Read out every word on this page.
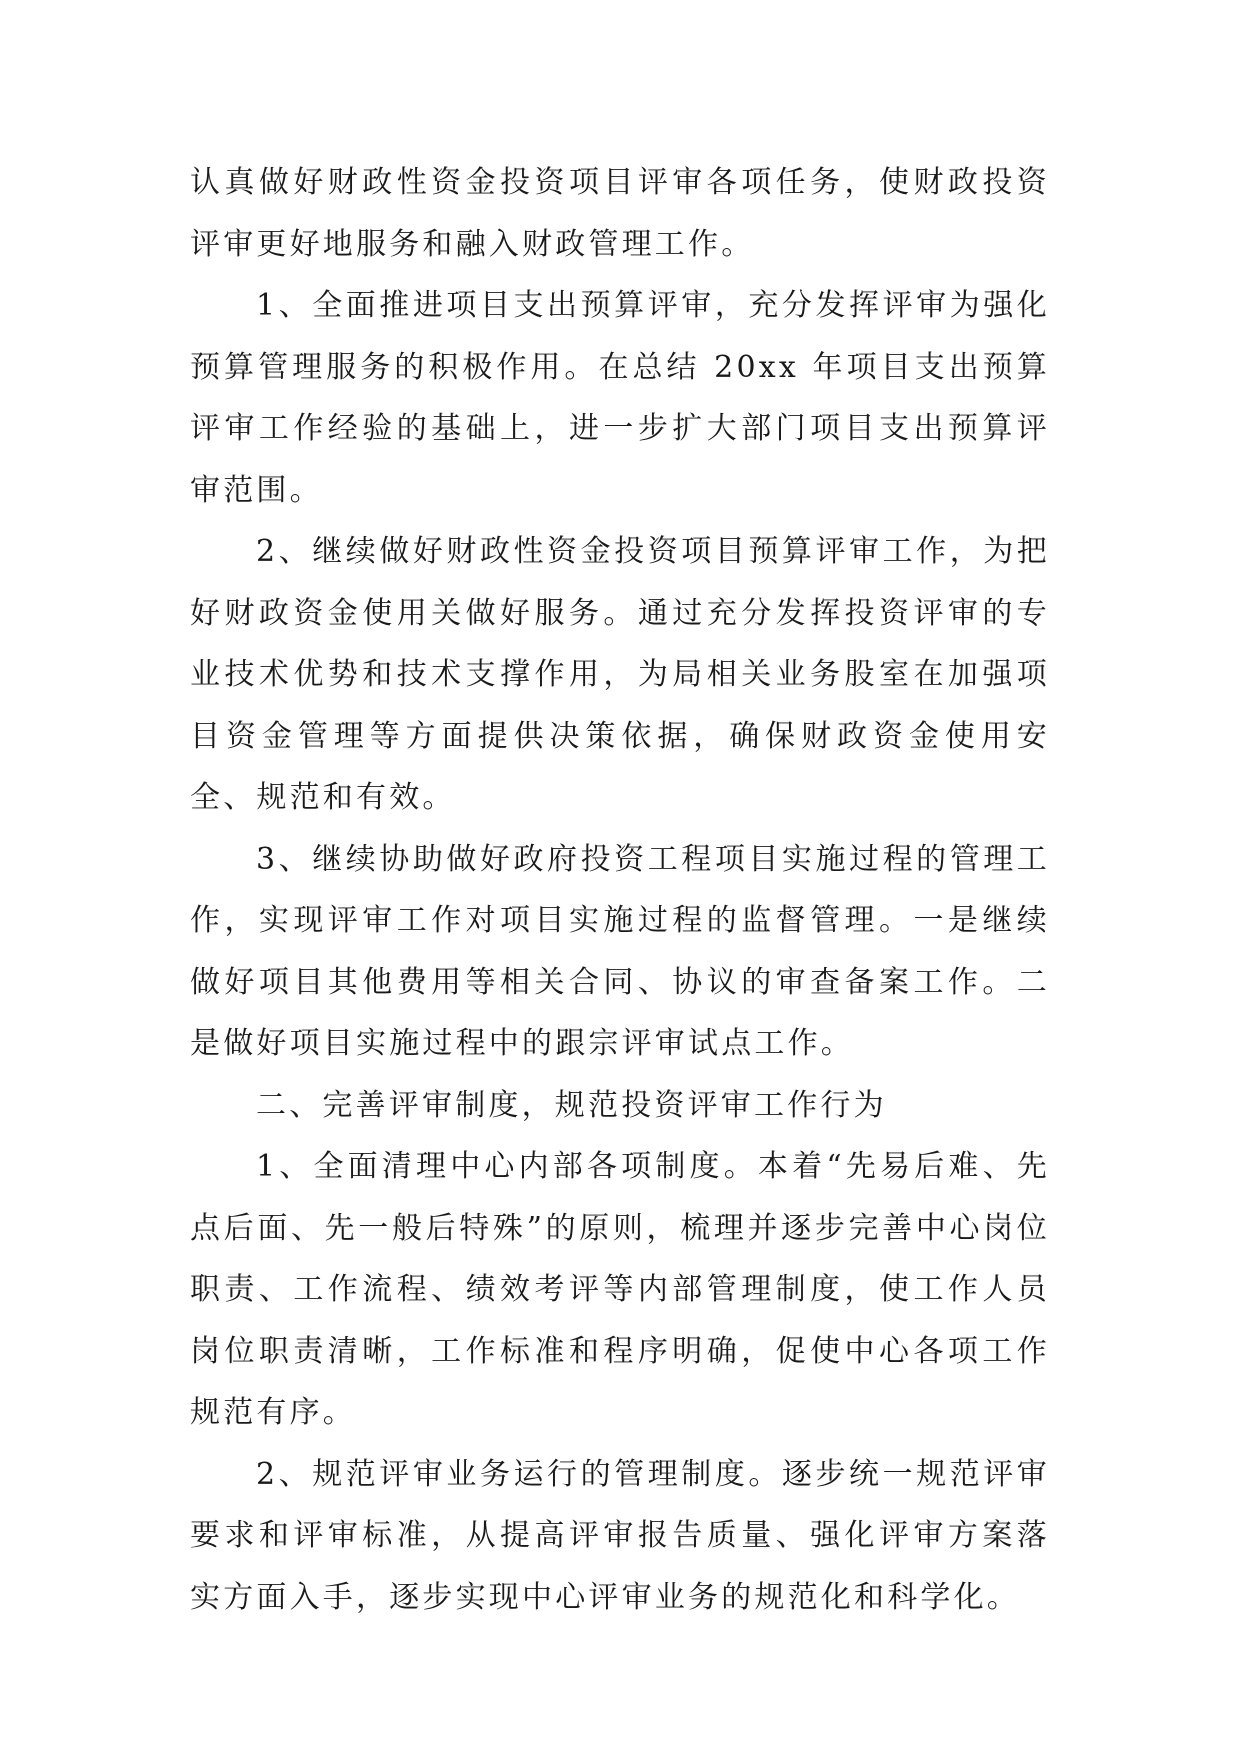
认真做好财政性资金投资项目评审各项任务，使财政投资评审更好地服务和融入财政管理工作。

1、全面推进项目支出预算评审，充分发挥评审为强化预算管理服务的积极作用。在总结 20xx 年项目支出预算评审工作经验的基础上，进一步扩大部门项目支出预算评审范围。

2、继续做好财政性资金投资项目预算评审工作，为把好财政资金使用关做好服务。通过充分发挥投资评审的专业技术优势和技术支撑作用，为局相关业务股室在加强项目资金管理等方面提供决策依据，确保财政资金使用安全、规范和有效。

3、继续协助做好政府投资工程项目实施过程的管理工作，实现评审工作对项目实施过程的监督管理。一是继续做好项目其他费用等相关合同、协议的审查备案工作。二是做好项目实施过程中的跟宗评审试点工作。

二、完善评审制度，规范投资评审工作行为

1、全面清理中心内部各项制度。本着“先易后难、先点后面、先一般后特殊”的原则，梳理并逐步完善中心岗位职责、工作流程、绩效考评等内部管理制度，使工作人员岗位职责清晰，工作标准和程序明确，促使中心各项工作规范有序。

2、规范评审业务运行的管理制度。逐步统一规范评审要求和评审标准，从提高评审报告质量、强化评审方案落实方面入手，逐步实现中心评审业务的规范化和科学化。
